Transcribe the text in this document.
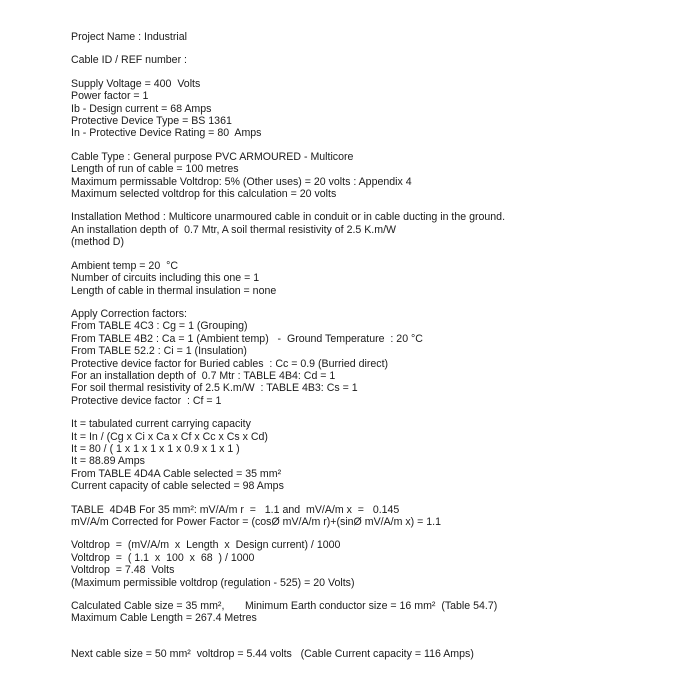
Project Name : Industrial
Cable ID / REF number :
Supply Voltage = 400  Volts
Power factor = 1
Ib - Design current = 68 Amps
Protective Device Type = BS 1361
In - Protective Device Rating = 80  Amps
Cable Type : General purpose PVC ARMOURED - Multicore
Length of run of cable = 100 metres
Maximum permissable Voltdrop: 5% (Other uses) = 20 volts : Appendix 4
Maximum selected voltdrop for this calculation = 20 volts
Installation Method : Multicore unarmoured cable in conduit or in cable ducting in the ground.
An installation depth of  0.7 Mtr, A soil thermal resistivity of 2.5 K.m/W
(method D)
Ambient temp = 20  °C
Number of circuits including this one = 1
Length of cable in thermal insulation = none
Apply Correction factors:
From TABLE 4C3 : Cg = 1 (Grouping)
From TABLE 4B2 : Ca = 1 (Ambient temp)   -  Ground Temperature  : 20 °C
From TABLE 52.2 : Ci = 1 (Insulation)
Protective device factor for Buried cables  : Cc = 0.9 (Burried direct)
For an installation depth of  0.7 Mtr : TABLE 4B4: Cd = 1
For soil thermal resistivity of 2.5 K.m/W  : TABLE 4B3: Cs = 1
Protective device factor  : Cf = 1
It = tabulated current carrying capacity
It = In / (Cg x Ci x Ca x Cf x Cc x Cs x Cd)
It = 80 / ( 1 x 1 x 1 x 1 x 0.9 x 1 x 1 )
It = 88.89 Amps
From TABLE 4D4A Cable selected = 35 mm²
Current capacity of cable selected = 98 Amps
TABLE  4D4B For 35 mm²: mV/A/m r  =   1.1 and  mV/A/m x  =   0.145
mV/A/m Corrected for Power Factor = (cosØ mV/A/m r)+(sinØ mV/A/m x) = 1.1
Voltdrop  =  (mV/A/m  x  Length  x  Design current) / 1000
Voltdrop  =  ( 1.1  x  100  x  68  ) / 1000
Voltdrop  = 7.48  Volts
(Maximum permissible voltdrop (regulation - 525) = 20 Volts)
Calculated Cable size = 35 mm²,       Minimum Earth conductor size = 16 mm²  (Table 54.7)
Maximum Cable Length = 267.4 Metres
Next cable size = 50 mm²  voltdrop = 5.44 volts   (Cable Current capacity = 116 Amps)
